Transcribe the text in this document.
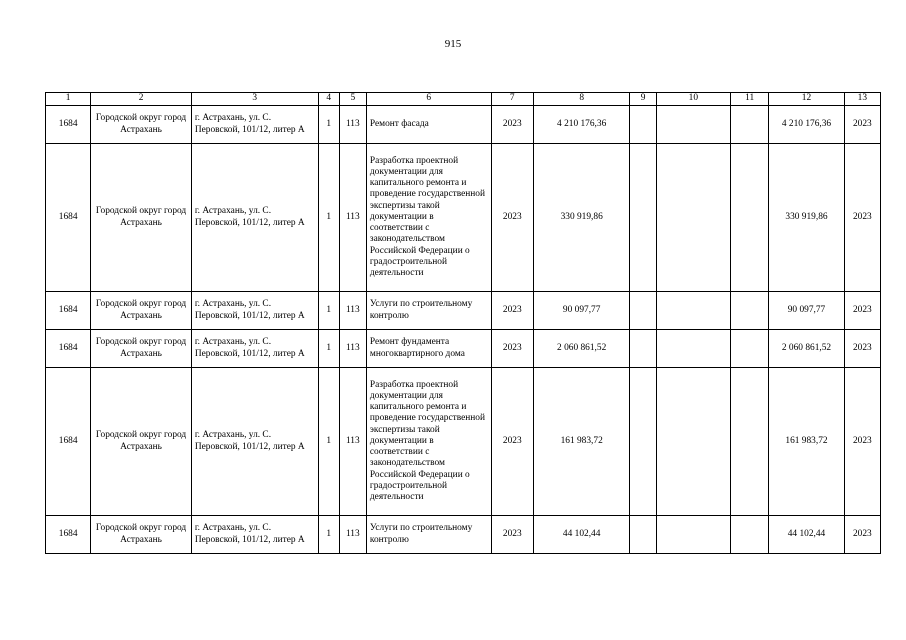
915
1	2	3	4	5	6	7	8	9	10	11	12	13
1684	Городской округ город Астрахань	г. Астрахань, ул. С. Перовской, 101/12, литер А	1	113	Ремонт фасада	2023	4 210 176,36				4 210 176,36	2023
1684	Городской округ город Астрахань	г. Астрахань, ул. С. Перовской, 101/12, литер А	1	113	Разработка проектной документации для капитального ремонта и проведение государственной экспертизы такой документации в соответствии с законодательством Российской Федерации о градостроительной деятельности	2023	330 919,86				330 919,86	2023
1684	Городской округ город Астрахань	г. Астрахань, ул. С. Перовской, 101/12, литер А	1	113	Услуги по строительному контролю	2023	90 097,77				90 097,77	2023
1684	Городской округ город Астрахань	г. Астрахань, ул. С. Перовской, 101/12, литер А	1	113	Ремонт фундамента многоквартирного дома	2023	2 060 861,52				2 060 861,52	2023
1684	Городской округ город Астрахань	г. Астрахань, ул. С. Перовской, 101/12, литер А	1	113	Разработка проектной документации для капитального ремонта и проведение государственной экспертизы такой документации в соответствии с законодательством Российской Федерации о градостроительной деятельности	2023	161 983,72				161 983,72	2023
1684	Городской округ город Астрахань	г. Астрахань, ул. С. Перовской, 101/12, литер А	1	113	Услуги по строительному контролю	2023	44 102,44				44 102,44	2023
